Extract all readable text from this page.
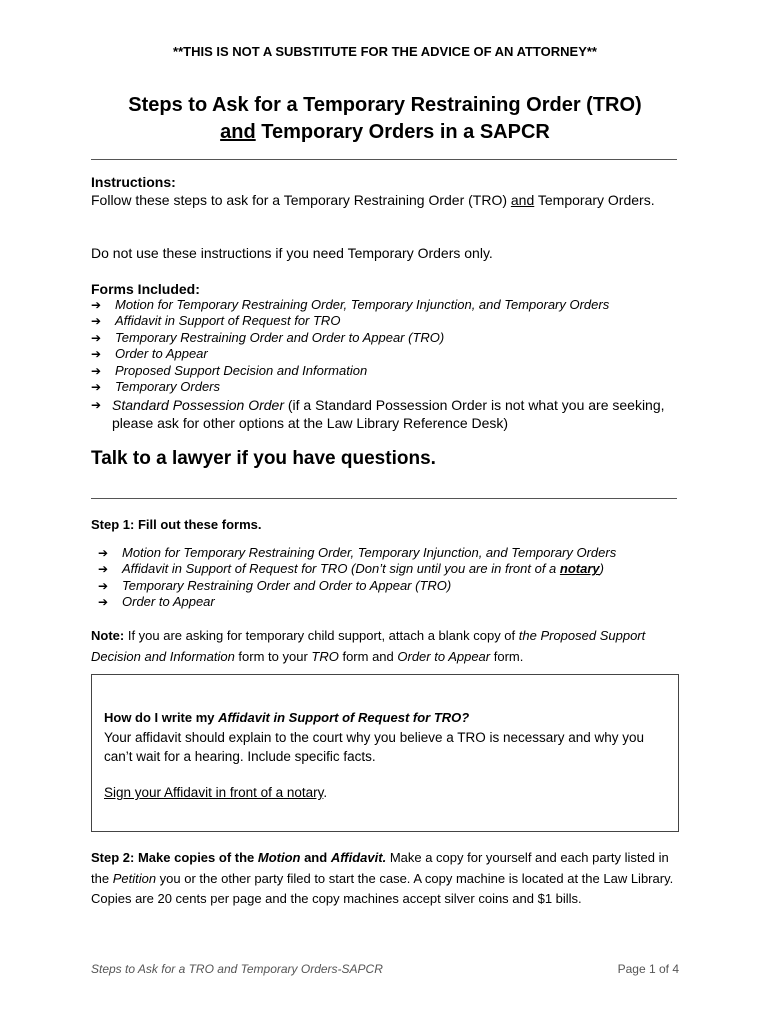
**THIS IS NOT A SUBSTITUTE FOR THE ADVICE OF AN ATTORNEY**
Steps to Ask for a Temporary Restraining Order (TRO)
and Temporary Orders in a SAPCR
Instructions:
Follow these steps to ask for a Temporary Restraining Order (TRO) and Temporary Orders.
Do not use these instructions if you need Temporary Orders only.
Forms Included:
➔	Motion for Temporary Restraining Order, Temporary Injunction, and Temporary Orders
➔	Affidavit in Support of Request for TRO
➔	Temporary Restraining Order and Order to Appear (TRO)
➔	Order to Appear
➔	Proposed Support Decision and Information
➔	Temporary Orders
➔ Standard Possession Order (if a Standard Possession Order is not what you are seeking, please ask for other options at the Law Library Reference Desk)
Talk to a lawyer if you have questions.
Step 1: Fill out these forms.
➔	Motion for Temporary Restraining Order, Temporary Injunction, and Temporary Orders
➔	Affidavit in Support of Request for TRO (Don’t sign until you are in front of a notary)
➔	Temporary Restraining Order and Order to Appear (TRO)
➔	Order to Appear
Note: If you are asking for temporary child support, attach a blank copy of the Proposed Support Decision and Information form to your TRO form and Order to Appear form.
How do I write my Affidavit in Support of Request for TRO?
Your affidavit should explain to the court why you believe a TRO is necessary and why you can’t wait for a hearing. Include specific facts.
Sign your Affidavit in front of a notary.
Step 2: Make copies of the Motion and Affidavit. Make a copy for yourself and each party listed in the Petition you or the other party filed to start the case. A copy machine is located at the Law Library. Copies are 20 cents per page and the copy machines accept silver coins and $1 bills.
Steps to Ask for a TRO and Temporary Orders-SAPCR	Page 1 of 4
